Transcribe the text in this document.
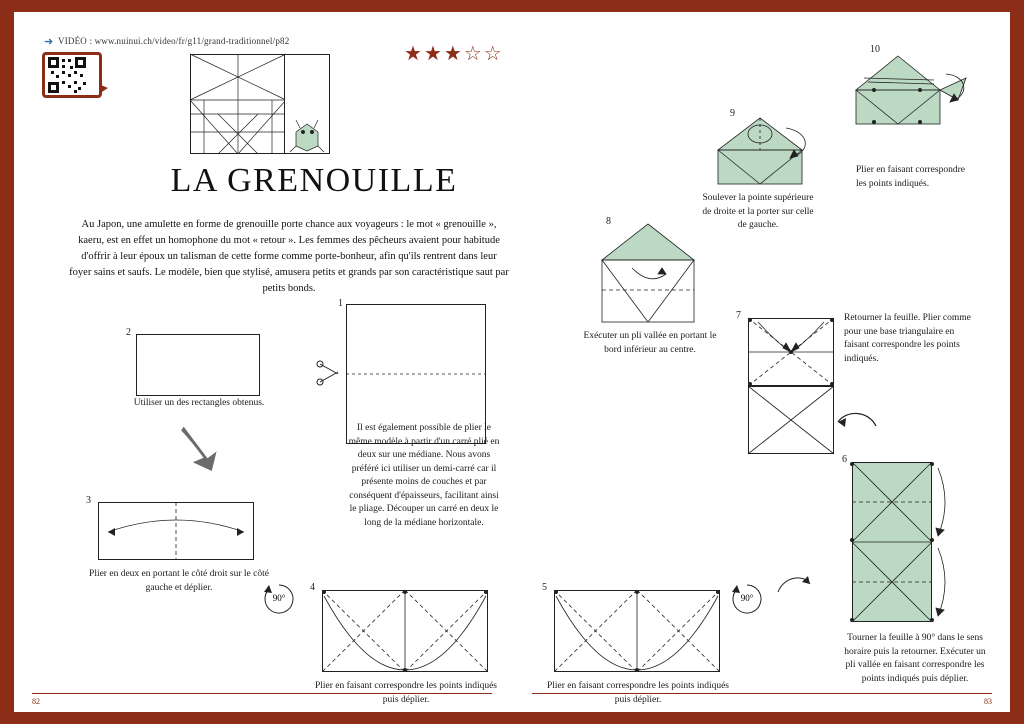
➜ VIDÉO : www.nuinui.ch/video/fr/g11/grand-traditionnel/p82
★★★☆☆
LA GRENOUILLE
Au Japon, une amulette en forme de grenouille porte chance aux voyageurs : le mot « grenouille », kaeru, est en effet un homophone du mot « retour ». Les femmes des pêcheurs avaient pour habitude d'offrir à leur époux un talisman de cette forme comme porte-bonheur, afin qu'ils rentrent dans leur foyer sains et saufs. Le modèle, bien que stylisé, amusera petits et grands par son caractéristique saut par petits bonds.
1
Il est également possible de plier le même modèle à partir d'un carré plié en deux sur une médiane. Nous avons préféré ici utiliser un demi-carré car il présente moins de couches et par conséquent d'épaisseurs, facilitant ainsi le pliage. Découper un carré en deux le long de la médiane horizontale.
2
Utiliser un des rectangles obtenus.
3
Plier en deux en portant le côté droit sur le côté gauche et déplier.
90°
4
Plier en faisant correspondre les points indiqués puis déplier.
5
Plier en faisant correspondre les points indiqués puis déplier.
90°
6
Tourner la feuille à 90° dans le sens horaire puis la retourner. Exécuter un pli vallée en faisant correspondre les points indiqués puis déplier.
7	Retourner la feuille. Plier comme pour une base triangulaire en faisant correspondre les points indiqués.
8
Exécuter un pli vallée en portant le bord inférieur au centre.
9
Soulever la pointe supérieure de droite et la porter sur celle de gauche.
10
Plier en faisant correspondre les points indiqués.
82	83
